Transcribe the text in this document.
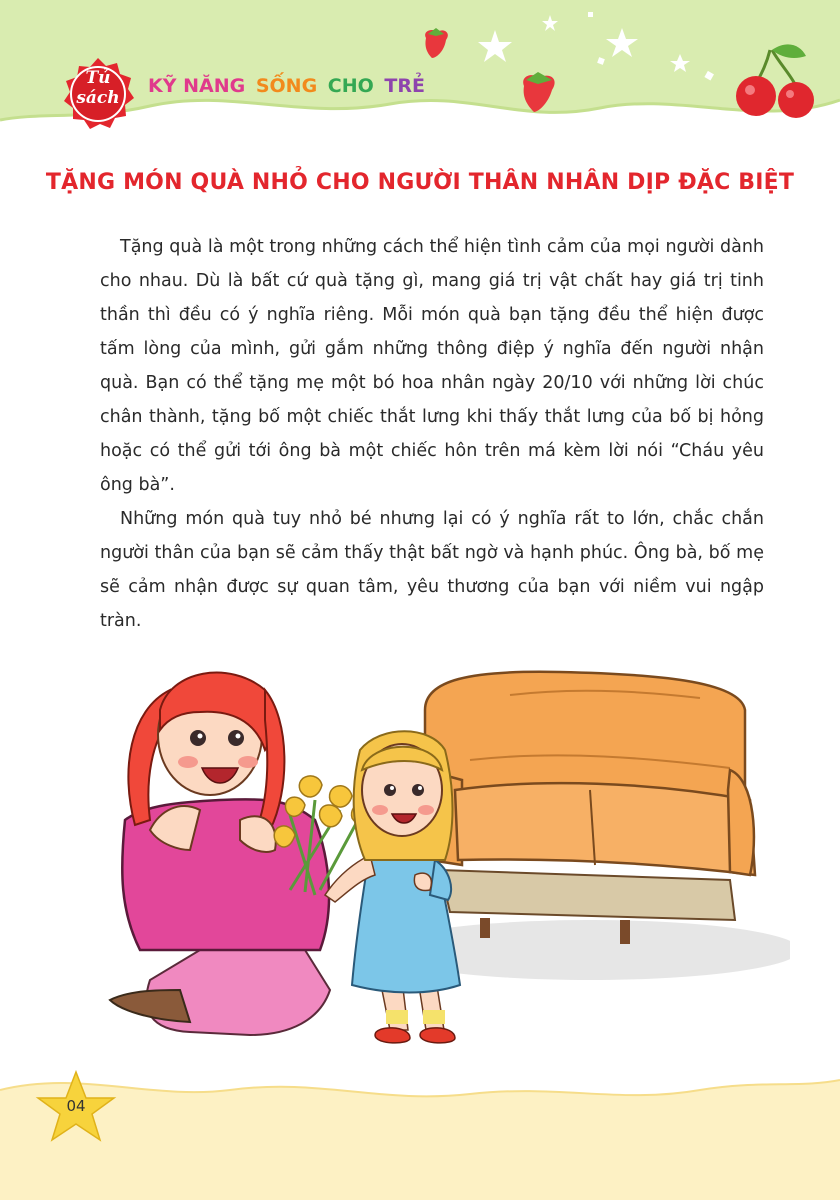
Tủ
sách
KỸ NĂNG SỐNG CHO TRẺ
TẶNG MÓN QUÀ NHỎ CHO NGƯỜI THÂN NHÂN DỊP ĐẶC BIỆT

Tặng quà là một trong những cách thể hiện tình cảm của mọi người dành cho nhau. Dù là bất cứ quà tặng gì, mang giá trị vật chất hay giá trị tinh thần thì đều có ý nghĩa riêng. Mỗi món quà bạn tặng đều thể hiện được tấm lòng của mình, gửi gắm những thông điệp ý nghĩa đến người nhận quà. Bạn có thể tặng mẹ một bó hoa nhân ngày 20/10 với những lời chúc chân thành, tặng bố một chiếc thắt lưng khi thấy thắt lưng của bố bị hỏng hoặc có thể gửi tới ông bà một chiếc hôn trên má kèm lời nói “Cháu yêu ông bà”.

Những món quà tuy nhỏ bé nhưng lại có ý nghĩa rất to lớn, chắc chắn người thân của bạn sẽ cảm thấy thật bất ngờ và hạnh phúc. Ông bà, bố mẹ sẽ cảm nhận được sự quan tâm, yêu thương của bạn với niềm vui ngập tràn.

04
